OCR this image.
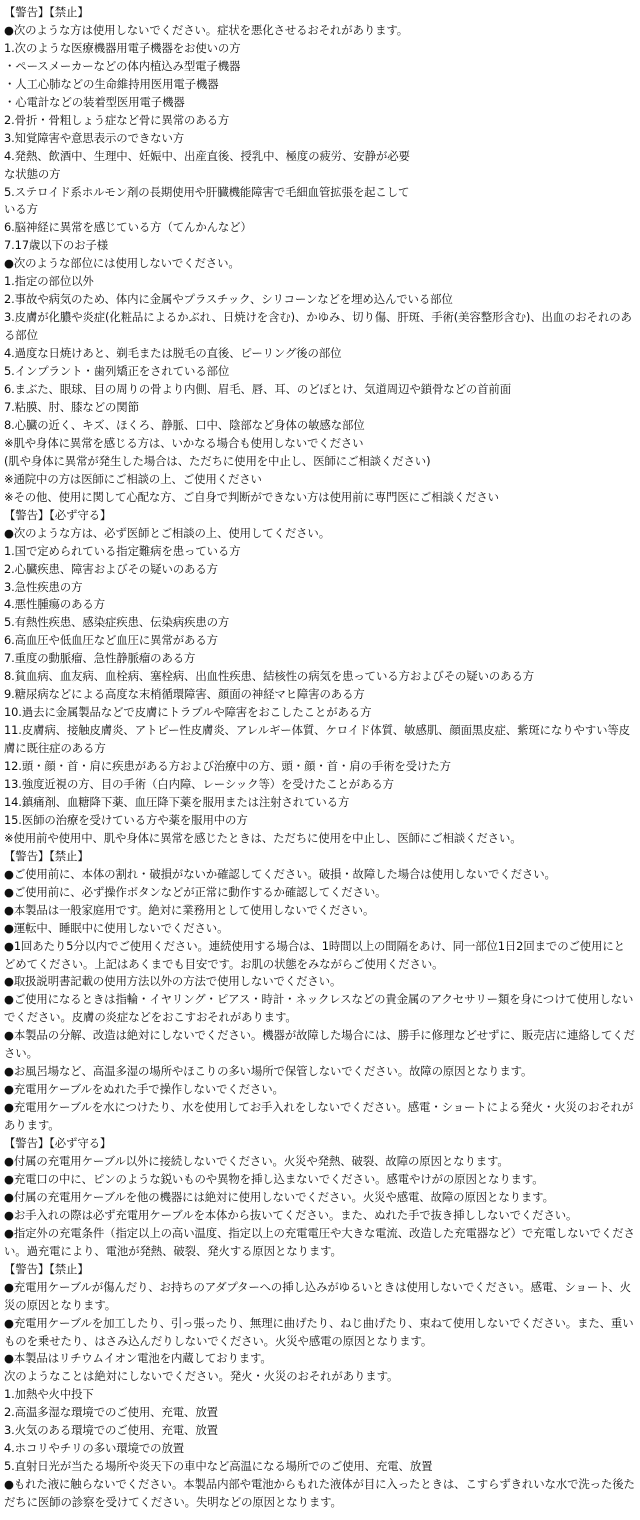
【警告】【禁止】

●次のような方は使用しないでください。症状を悪化させるおそれがあります。

1.次のような医療機器用電子機器をお使いの方

・ペースメーカーなどの体内植込み型電子機器

・人工心肺などの生命維持用医用電子機器

・心電計などの装着型医用電子機器

2.骨折・骨粗しょう症など骨に異常のある方

3.知覚障害や意思表示のできない方

4.発熱、飲酒中、生理中、妊娠中、出産直後、授乳中、極度の疲労、安静が必要

な状態の方

5.ステロイド系ホルモン剤の長期使用や肝臓機能障害で毛細血管拡張を起こして

いる方

6.脳神経に異常を感じている方（てんかんなど）

7.17歳以下のお子様

●次のような部位には使用しないでください。

1.指定の部位以外

2.事故や病気のため、体内に金属やプラスチック、シリコーンなどを埋め込んでいる部位

3.皮膚が化膿や炎症(化粧品によるかぶれ、日焼けを含む)、かゆみ、切り傷、肝斑、手術(美容整形含む)、出血のおそれのある部位

4.過度な日焼けあと、剃毛または脱毛の直後、ピーリング後の部位

5.インプラント・歯列矯正をされている部位

6.まぶた、眼球、目の周りの骨より内側、眉毛、唇、耳、のどぼとけ、気道周辺や鎖骨などの首前面

7.粘膜、肘、膝などの関節

8.心臓の近く、キズ、ほくろ、静脈、口中、陰部など身体の敏感な部位

※肌や身体に異常を感じる方は、いかなる場合も使用しないでください

(肌や身体に異常が発生した場合は、ただちに使用を中止し、医師にご相談ください)

※通院中の方は医師にご相談の上、ご使用ください

※その他、使用に関して心配な方、ご自身で判断ができない方は使用前に専門医にご相談ください

【警告】【必ず守る】

●次のような方は、必ず医師とご相談の上、使用してください。

1.国で定められている指定難病を患っている方

2.心臓疾患、障害およびその疑いのある方

3.急性疾患の方

4.悪性腫瘍のある方

5.有熱性疾患、感染症疾患、伝染病疾患の方

6.高血圧や低血圧など血圧に異常がある方

7.重度の動脈瘤、急性静脈瘤のある方

8.貧血病、血友病、血栓病、塞栓病、出血性疾患、結核性の病気を患っている方およびその疑いのある方

9.糖尿病などによる高度な末梢循環障害、顔面の神経マヒ障害のある方

10.過去に金属製品などで皮膚にトラブルや障害をおこしたことがある方

11.皮膚病、接触皮膚炎、アトピー性皮膚炎、アレルギー体質、ケロイド体質、敏感肌、顔面黒皮症、紫斑になりやすい等皮膚に既往症のある方

12.頭・顔・首・肩に疾患がある方および治療中の方、頭・顔・首・肩の手術を受けた方

13.強度近視の方、目の手術（白内障、レーシック等）を受けたことがある方

14.鎮痛剤、血糖降下薬、血圧降下薬を服用または注射されている方

15.医師の治療を受けている方や薬を服用中の方

※使用前や使用中、肌や身体に異常を感じたときは、ただちに使用を中止し、医師にご相談ください。

【警告】【禁止】

●ご使用前に、本体の割れ・破損がないか確認してください。破損・故障した場合は使用しないでください。

●ご使用前に、必ず操作ボタンなどが正常に動作するか確認してください。

●本製品は一般家庭用です。絶対に業務用として使用しないでください。

●運転中、睡眠中に使用しないでください。

●1回あたり5分以内でご使用ください。連続使用する場合は、1時間以上の間隔をあけ、同一部位1日2回までのご使用にとどめてください。上記はあくまでも目安です。お肌の状態をみながらご使用ください。

●取扱説明書記載の使用方法以外の方法で使用しないでください。

●ご使用になるときは指輪・イヤリング・ピアス・時計・ネックレスなどの貴金属のアクセサリー類を身につけて使用しないでください。皮膚の炎症などをおこすおそれがあります。

●本製品の分解、改造は絶対にしないでください。機器が故障した場合には、勝手に修理などせずに、販売店に連絡してください。

●お風呂場など、高温多湿の場所やほこりの多い場所で保管しないでください。故障の原因となります。

●充電用ケーブルをぬれた手で操作しないでください。

●充電用ケーブルを水につけたり、水を使用してお手入れをしないでください。感電・ショートによる発火・火災のおそれがあります。

【警告】【必ず守る】

●付属の充電用ケーブル以外に接続しないでください。火災や発熱、破裂、故障の原因となります。

●充電口の中に、ピンのような鋭いものや異物を挿し込まないでください。感電やけがの原因となります。

●付属の充電用ケーブルを他の機器には絶対に使用しないでください。火災や感電、故障の原因となります。

●お手入れの際は必ず充電用ケーブルを本体から抜いてください。また、ぬれた手で抜き挿ししないでください。

●指定外の充電条件（指定以上の高い温度、指定以上の充電電圧や大きな電流、改造した充電器など）で充電しないでください。過充電により、電池が発熱、破裂、発火する原因となります。

【警告】【禁止】

●充電用ケーブルが傷んだり、お持ちのアダプターへの挿し込みがゆるいときは使用しないでください。感電、ショート、火災の原因となります。

●充電用ケーブルを加工したり、引っ張ったり、無理に曲げたり、ねじ曲げたり、束ねて使用しないでください。また、重いものを乗せたり、はさみ込んだりしないでください。火災や感電の原因となります。

●本製品はリチウムイオン電池を内蔵しております。

次のようなことは絶対にしないでください。発火・火災のおそれがあります。

1.加熱や火中投下

2.高温多湿な環境でのご使用、充電、放置

3.火気のある環境でのご使用、充電、放置

4.ホコリやチリの多い環境での放置

5.直射日光が当たる場所や炎天下の車中など高温になる場所でのご使用、充電、放置

●もれた液に触らないでください。本製品内部や電池からもれた液体が目に入ったときは、こすらずきれいな水で洗った後ただちに医師の診察を受けてください。失明などの原因となります。
